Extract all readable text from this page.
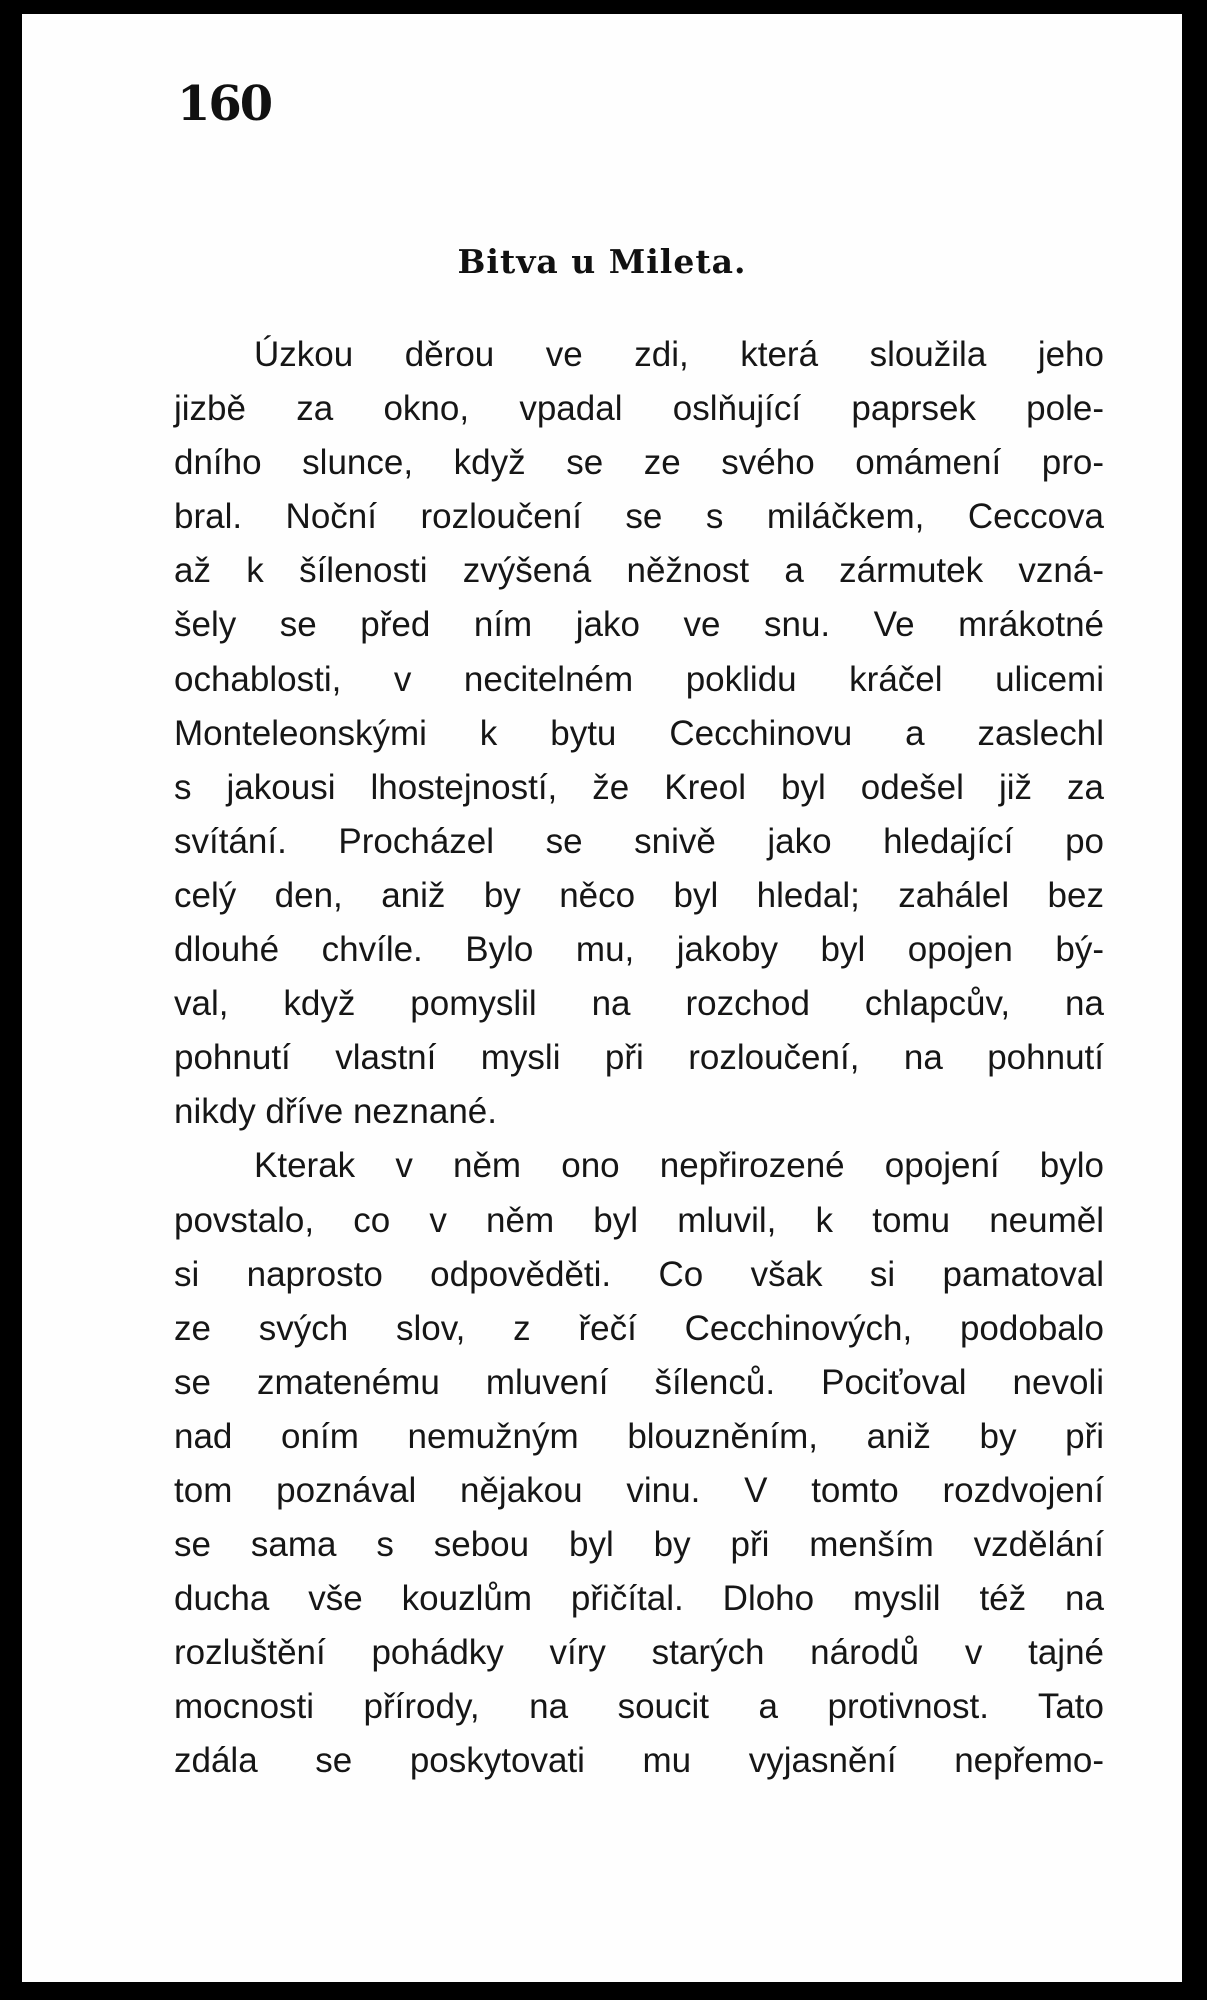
160
Bitva u Mileta.
Úzkou děrou ve zdi, která sloužila jeho
jizbě za okno, vpadal oslňující paprsek pole-
dního slunce, když se ze svého omámení pro-
bral. Noční rozloučení se s miláčkem, Ceccova
až k šílenosti zvýšená něžnost a zármutek vzná-
šely se před ním jako ve snu. Ve mrákotné
ochablosti, v necitelném poklidu kráčel ulicemi
Monteleonskými k bytu Cecchinovu a zaslechl
s jakousi lhostejností, že Kreol byl odešel již za
svítání. Procházel se snivě jako hledající po
celý den, aniž by něco byl hledal; zahálel bez
dlouhé chvíle. Bylo mu, jakoby byl opojen bý-
val, když pomyslil na rozchod chlapcův, na
pohnutí vlastní mysli při rozloučení, na pohnutí
nikdy dříve neznané.
Kterak v něm ono nepřirozené opojení bylo
povstalo, co v něm byl mluvil, k tomu neuměl
si naprosto odpověděti. Co však si pamatoval
ze svých slov, z řečí Cecchinových, podobalo
se zmatenému mluvení šílenců. Pociťoval nevoli
nad oním nemužným blouzněním, aniž by při
tom poznával nějakou vinu. V tomto rozdvojení
se sama s sebou byl by při menším vzdělání
ducha vše kouzlům přičítal. Dloho myslil též na
rozluštění pohádky víry starých národů v tajné
mocnosti přírody, na soucit a protivnost. Tato
zdála se poskytovati mu vyjasnění nepřemo-
